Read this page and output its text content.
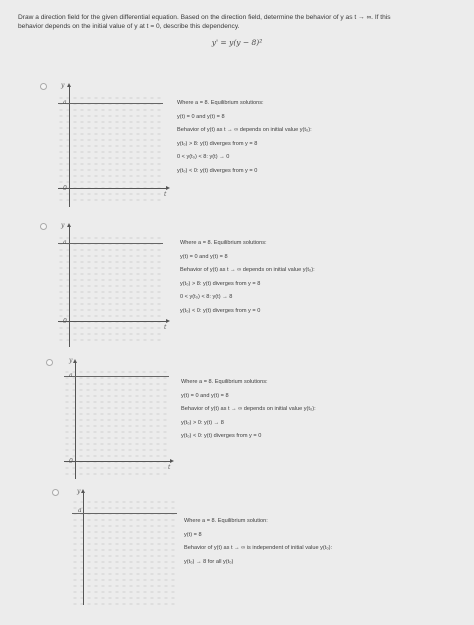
Draw a direction field for the given differential equation. Based on the direction field, determine the behavior of y as t → ∞. If this
behavior depends on the initial value of y at t = 0, describe this dependency.
y' = y(y − 8)²
y
a
0
t
Where a = 8. Equilibrium solutions:
y(t) = 0 and y(t) = 8
Behavior of y(t) as t → ∞ depends on initial value y(t₀):
y(t₀) > 8: y(t) diverges from y = 8
0 < y(t₀) < 8: y(t) → 0
y(t₀) < 0: y(t) diverges from y = 0
y
a
0
t
Where a = 8. Equilibrium solutions:
y(t) = 0 and y(t) = 8
Behavior of y(t) as t → ∞ depends on initial value y(t₀):
y(t₀) > 8: y(t) diverges from y = 8
0 < y(t₀) < 8: y(t) → 8
y(t₀) < 0: y(t) diverges from y = 0
y
a
0
t
Where a = 8. Equilibrium solutions:
y(t) = 0 and y(t) = 8
Behavior of y(t) as t → ∞ depends on initial value y(t₀):
y(t₀) > 0: y(t) → 8
y(t₀) < 0: y(t) diverges from y = 0
y
a
Where a = 8. Equilibrium solution:
y(t) = 8
Behavior of y(t) as t → ∞ is independent of initial value y(t₀):
y(t₀) → 8 for all y(t₀)
